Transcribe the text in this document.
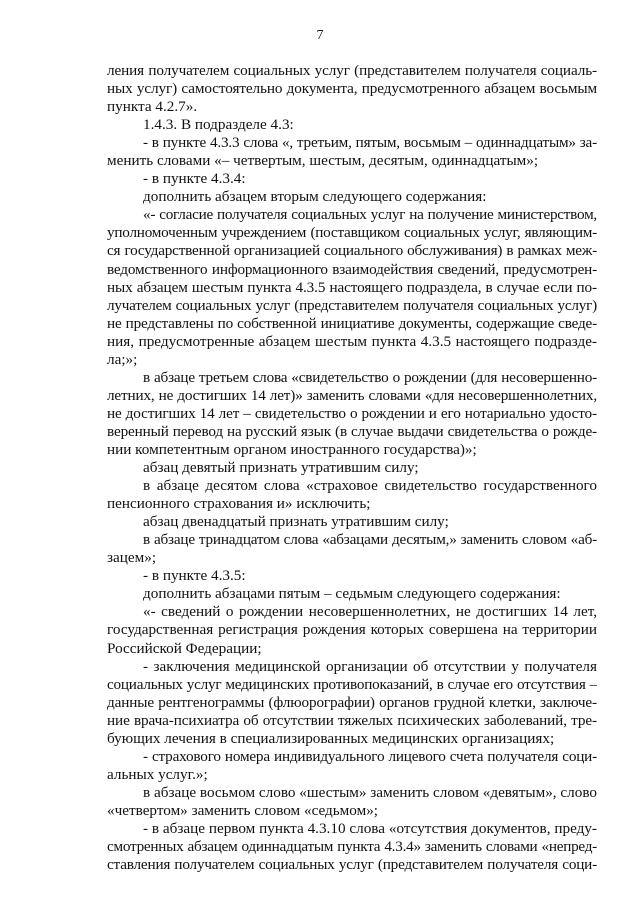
7
ления получателем социальных услуг (представителем получателя социаль-
ных услуг) самостоятельно документа, предусмотренного абзацем восьмым
пункта 4.2.7».
1.4.3. В подразделе 4.3:
- в пункте 4.3.3 слова «, третьим, пятым, восьмым – одиннадцатым» за-
менить словами «– четвертым, шестым, десятым, одиннадцатым»;
- в пункте 4.3.4:
дополнить абзацем вторым следующего содержания:
«- согласие получателя социальных услуг на получение министерством,
уполномоченным учреждением (поставщиком социальных услуг, являющим-
ся государственной организацией социального обслуживания) в рамках меж-
ведомственного информационного взаимодействия сведений, предусмотрен-
ных абзацем шестым пункта 4.3.5 настоящего подраздела, в случае если по-
лучателем социальных услуг (представителем получателя социальных услуг)
не представлены по собственной инициативе документы, содержащие сведе-
ния, предусмотренные абзацем шестым пункта 4.3.5 настоящего подразде-
ла;»;
в абзаце третьем слова «свидетельство о рождении (для несовершенно-
летних, не достигших 14 лет)» заменить словами «для несовершеннолетних,
не достигших 14 лет – свидетельство о рождении и его нотариально удосто-
веренный перевод на русский язык (в случае выдачи свидетельства о рожде-
нии компетентным органом иностранного государства)»;
абзац девятый признать утратившим силу;
в абзаце десятом слова «страховое свидетельство государственного
пенсионного страхования и» исключить;
абзац двенадцатый признать утратившим силу;
в абзаце тринадцатом слова «абзацами десятым,» заменить словом «аб-
зацем»;
- в пункте 4.3.5:
дополнить абзацами пятым – седьмым следующего содержания:
«- сведений о рождении несовершеннолетних, не достигших 14 лет,
государственная регистрация рождения которых совершена на территории
Российской Федерации;
- заключения медицинской организации об отсутствии у получателя
социальных услуг медицинских противопоказаний, в случае его отсутствия –
данные рентгенограммы (флюорографии) органов грудной клетки, заключе-
ние врача-психиатра об отсутствии тяжелых психических заболеваний, тре-
бующих лечения в специализированных медицинских организациях;
- страхового номера индивидуального лицевого счета получателя соци-
альных услуг.»;
в абзаце восьмом слово «шестым» заменить словом «девятым», слово
«четвертом» заменить словом «седьмом»;
- в абзаце первом пункта 4.3.10 слова «отсутствия документов, преду-
смотренных абзацем одиннадцатым пункта 4.3.4» заменить словами «непред-
ставления получателем социальных услуг (представителем получателя соци-
